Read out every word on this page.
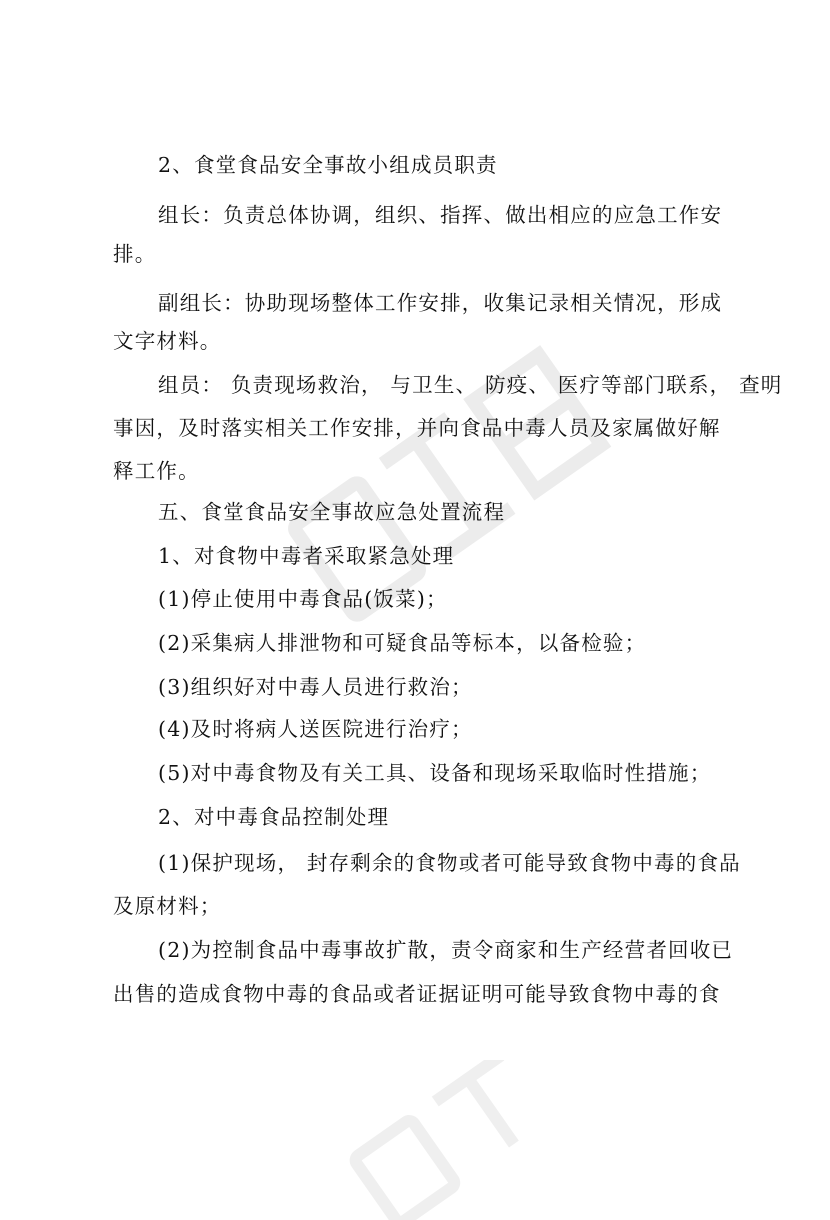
2、食堂食品安全事故小组成员职责
组长：负责总体协调，组织、指挥、做出相应的应急工作安
排。
副组长：协助现场整体工作安排，收集记录相关情况，形成
文字材料。
组员： 负责现场救治， 与卫生、 防疫、 医疗等部门联系， 查明
事因，及时落实相关工作安排，并向食品中毒人员及家属做好解
释工作。
五、食堂食品安全事故应急处置流程
1、对食物中毒者采取紧急处理
(1)停止使用中毒食品(饭菜)；
(2)采集病人排泄物和可疑食品等标本，以备检验；
(3)组织好对中毒人员进行救治；
(4)及时将病人送医院进行治疗；
(5)对中毒食物及有关工具、设备和现场采取临时性措施；
2、对中毒食品控制处理
(1)保护现场， 封存剩余的食物或者可能导致食物中毒的食品
及原材料；
(2)为控制食品中毒事故扩散，责令商家和生产经营者回收已
出售的造成食物中毒的食品或者证据证明可能导致食物中毒的食
